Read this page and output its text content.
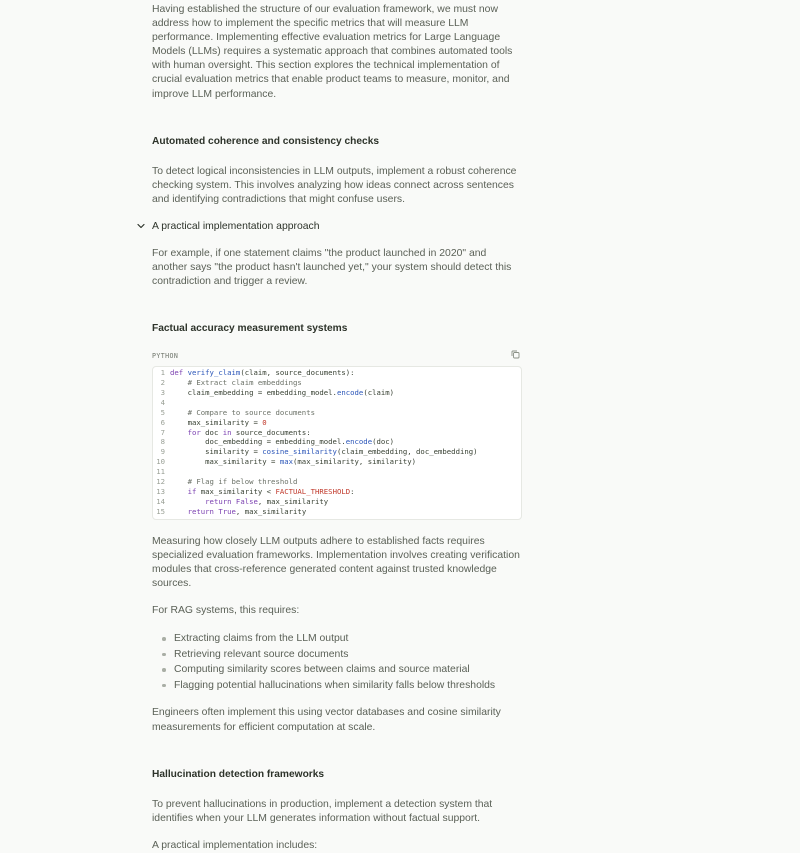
Having established the structure of our evaluation framework, we must now address how to implement the specific metrics that will measure LLM performance. Implementing effective evaluation metrics for Large Language Models (LLMs) requires a systematic approach that combines automated tools with human oversight. This section explores the technical implementation of crucial evaluation metrics that enable product teams to measure, monitor, and improve LLM performance.

Automated coherence and consistency checks

To detect logical inconsistencies in LLM outputs, implement a robust coherence checking system. This involves analyzing how ideas connect across sentences and identifying contradictions that might confuse users.

A practical implementation approach

For example, if one statement claims "the product launched in 2020" and another says "the product hasn't launched yet," your system should detect this contradiction and trigger a review.

Factual accuracy measurement systems
PYTHON
1 def verify_claim(claim, source_documents):
2	# Extract claim embeddings
3 claim_embedding = embedding_model.encode(claim)
4
5	# Compare to source documents
6 max_similarity = 0
7	for doc in source_documents:
8 doc_embedding = embedding_model.encode(doc)
9 similarity = cosine_similarity(claim_embedding, doc_embedding)
10 max_similarity = max(max_similarity, similarity)
11
12	# Flag if below threshold
13	if max_similarity < FACTUAL_THRESHOLD:
14	return False, max_similarity
15	return True, max_similarity

Measuring how closely LLM outputs adhere to established facts requires specialized evaluation frameworks. Implementation involves creating verification modules that cross-reference generated content against trusted knowledge sources.

For RAG systems, this requires:

Extracting claims from the LLM output
Retrieving relevant source documents
Computing similarity scores between claims and source material
Flagging potential hallucinations when similarity falls below thresholds

Engineers often implement this using vector databases and cosine similarity measurements for efficient computation at scale.

Hallucination detection frameworks

To prevent hallucinations in production, implement a detection system that identifies when your LLM generates information without factual support.

A practical implementation includes:
